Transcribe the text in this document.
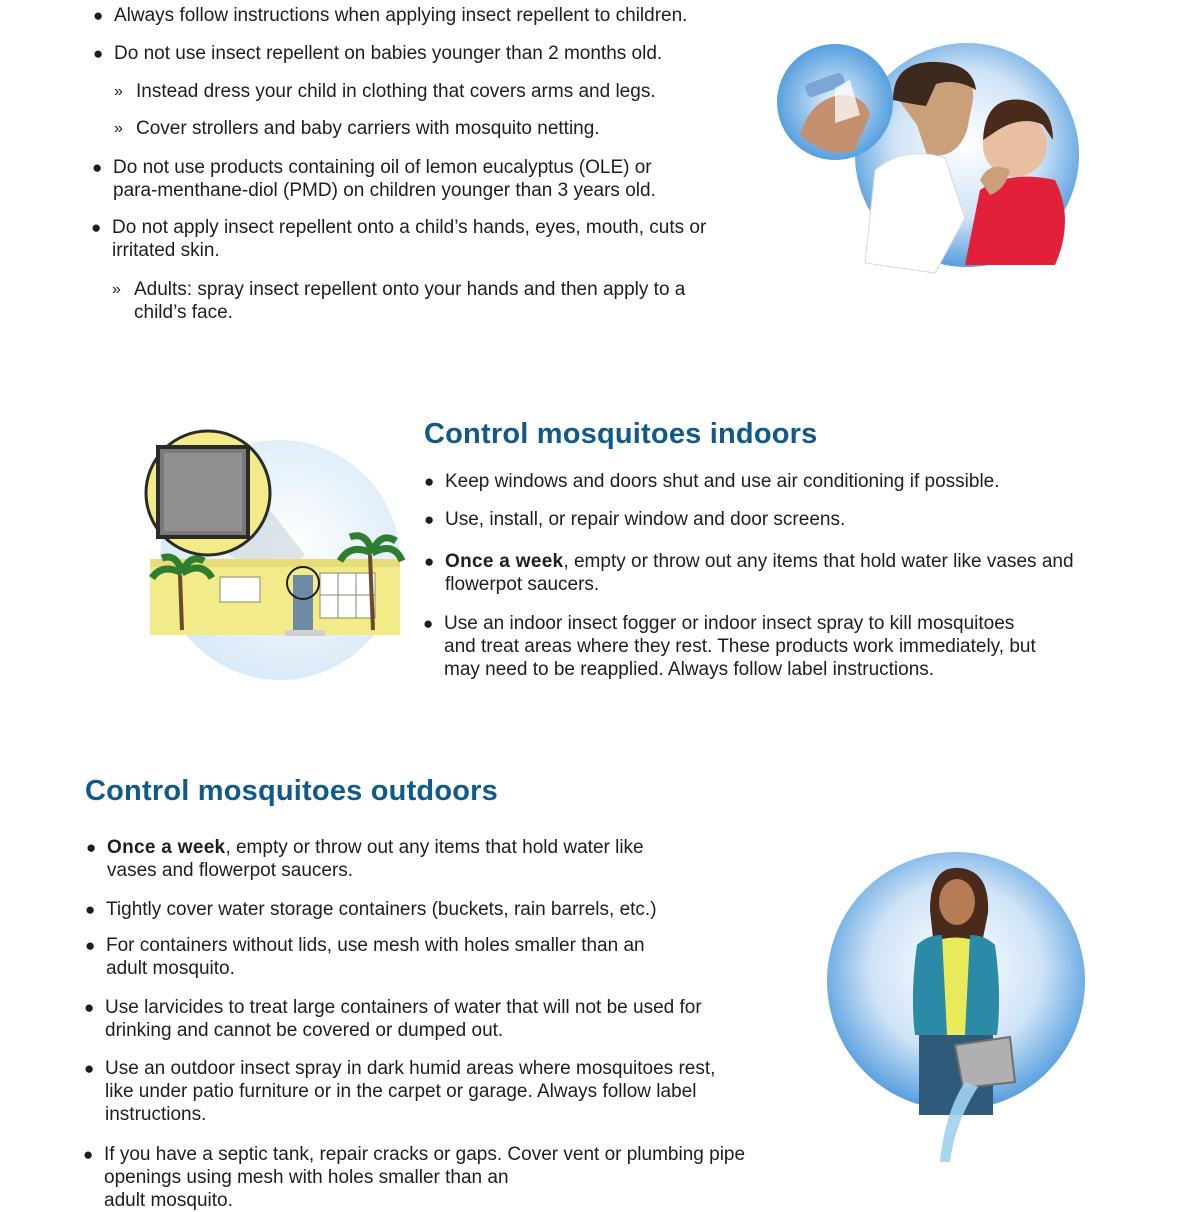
● Always follow instructions when applying insect repellent to children.
● Do not use insect repellent on babies younger than 2 months old.
» Instead dress your child in clothing that covers arms and legs.
» Cover strollers and baby carriers with mosquito netting.
● Do not use products containing oil of lemon eucalyptus (OLE) or
para-menthane-diol (PMD) on children younger than 3 years old.
● Do not apply insect repellent onto a child’s hands, eyes, mouth, cuts or
irritated skin.
» Adults: spray insect repellent onto your hands and then apply to a
child’s face.
Control mosquitoes indoors
● Keep windows and doors shut and use air conditioning if possible.
● Use, install, or repair window and door screens.
● Once a week, empty or throw out any items that hold water like vases and
flowerpot saucers.
● Use an indoor insect fogger or indoor insect spray to kill mosquitoes
and treat areas where they rest. These products work immediately, but
may need to be reapplied. Always follow label instructions.
Control mosquitoes outdoors
● Once a week, empty or throw out any items that hold water like
vases and flowerpot saucers.
● Tightly cover water storage containers (buckets, rain barrels, etc.)
● For containers without lids, use mesh with holes smaller than an
adult mosquito.
● Use larvicides to treat large containers of water that will not be used for
drinking and cannot be covered or dumped out.
● Use an outdoor insect spray in dark humid areas where mosquitoes rest,
like under patio furniture or in the carpet or garage. Always follow label
instructions.
● If you have a septic tank, repair cracks or gaps. Cover vent or plumbing pipe
openings using mesh with holes smaller than an
adult mosquito.
